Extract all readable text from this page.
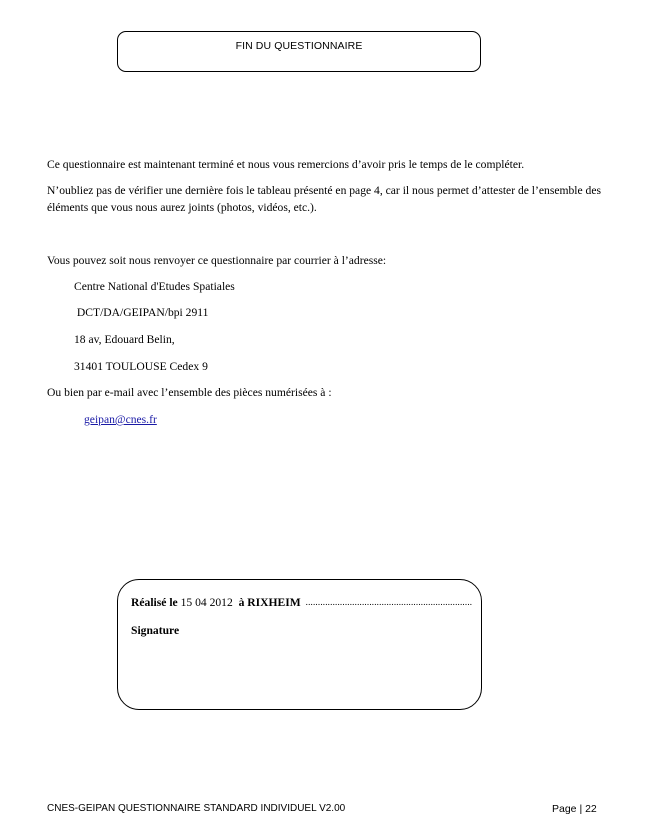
FIN DU QUESTIONNAIRE
Ce questionnaire est maintenant terminé et nous vous remercions d’avoir pris le temps de le compléter.
N’oubliez pas de vérifier une dernière fois le tableau présenté en page 4, car il nous permet d’attester de l’ensemble des éléments que vous nous aurez joints (photos, vidéos, etc.).
Vous pouvez soit nous renvoyer ce questionnaire par courrier à l’adresse:
Centre National d'Etudes Spatiales
DCT/DA/GEIPAN/bpi 2911
18 av, Edouard Belin,
31401 TOULOUSE Cedex 9
Ou bien par e-mail avec l’ensemble des pièces numérisées à :
geipan@cnes.fr
Réalisé le 15 04 2012  à RIXHEIM  ....................................................................
Signature
CNES-GEIPAN QUESTIONNAIRE STANDARD INDIVIDUEL V2.00	Page | 22
